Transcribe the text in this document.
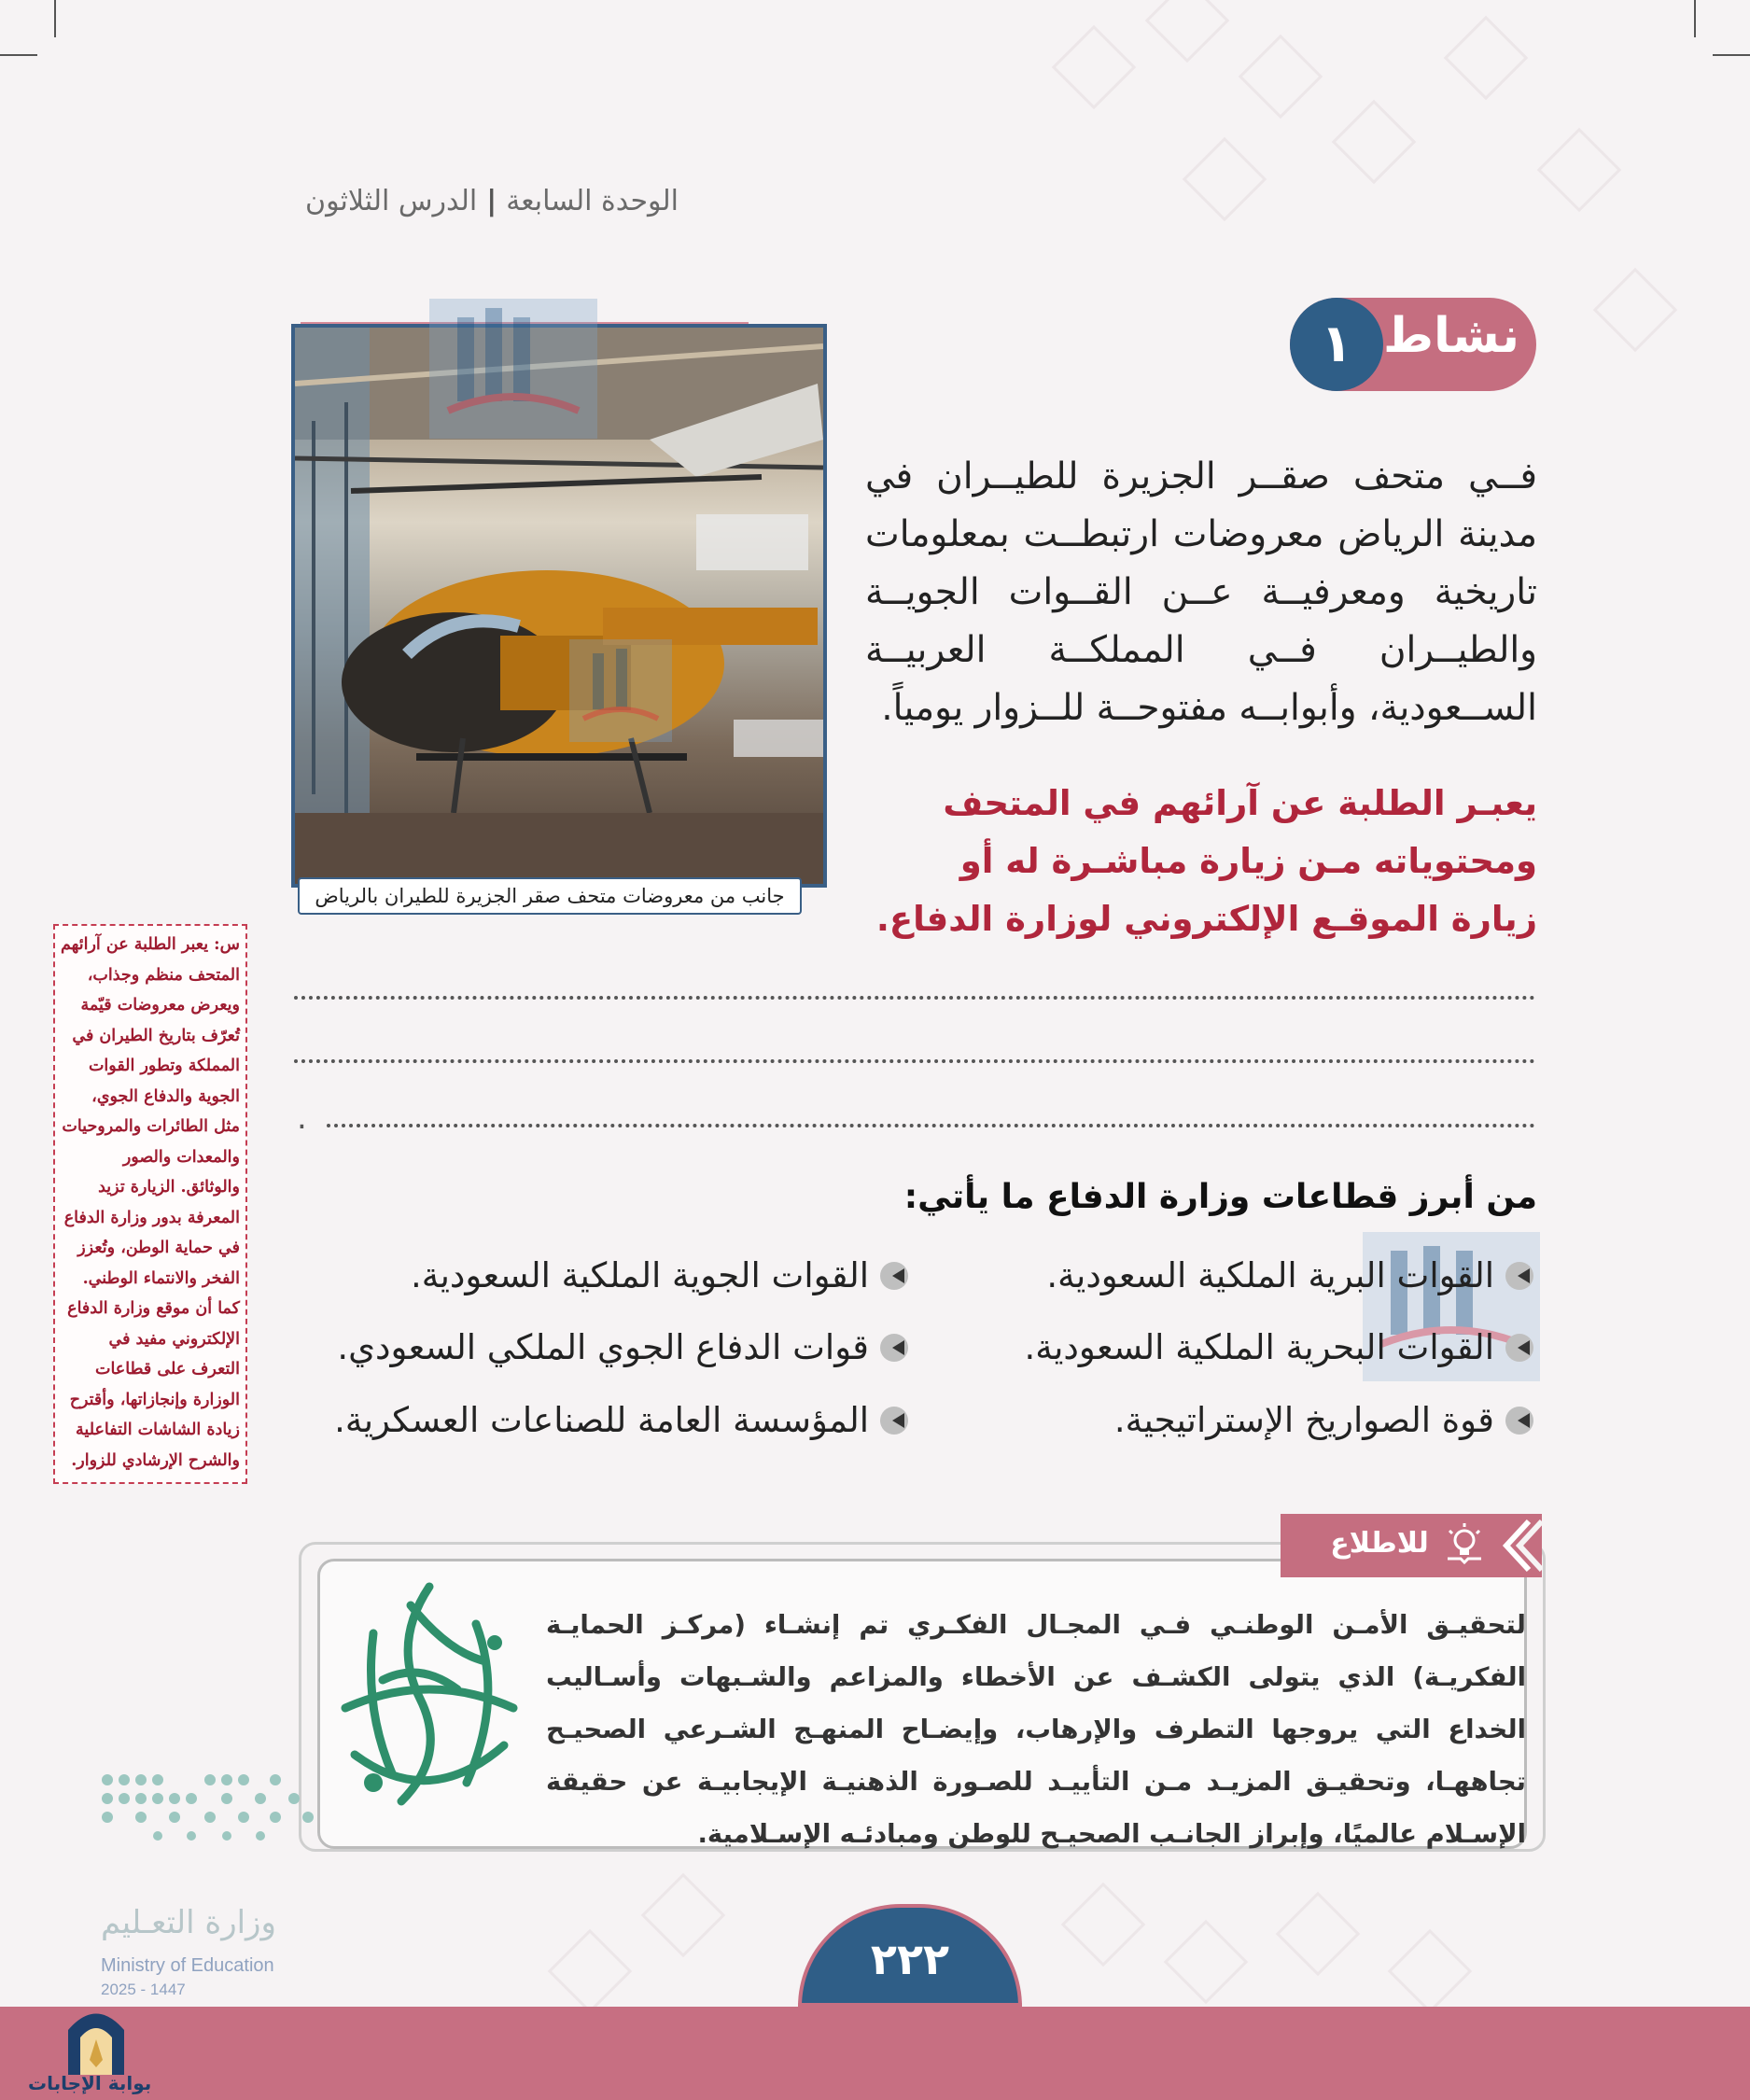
الوحدة السابعة|الدرس الثلاثون
نشاط
١
جانب من معروضات متحف صقر الجزيرة للطيران بالرياض
فــي متحف صقــر الجزيرة للطيــران في مدينة الرياض معروضات ارتبطــت بمعلومات تاريخية ومعرفيــة عــن القــوات الجويــة والطيــران فــي المملكــة العربيــة الســعودية، وأبوابــه مفتوحــة للــزوار يومياً.
يعبـر الطلبة عن آرائهم في المتحف ومحتوياته مـن زيارة مباشـرة له أو زيارة الموقـع الإلكتروني لوزارة الدفاع.
.
س: يعبر الطلبة عن آرائهم المتحف منظم وجذاب، ويعرض معروضات قيّمة تُعرّف بتاريخ الطيران في المملكة وتطور القوات الجوية والدفاع الجوي، مثل الطائرات والمروحيات والمعدات والصور والوثائق. الزيارة تزيد المعرفة بدور وزارة الدفاع في حماية الوطن، وتُعزز الفخر والانتماء الوطني. كما أن موقع وزارة الدفاع الإلكتروني مفيد في التعرف على قطاعات الوزارة وإنجازاتها، وأقترح زيادة الشاشات التفاعلية والشرح الإرشادي للزوار.
من أبرز قطاعات وزارة الدفاع ما يأتي:
القوات البرية الملكية السعودية.
القوات البحرية الملكية السعودية.
قوة الصواريخ الإستراتيجية.
القوات الجوية الملكية السعودية.
قوات الدفاع الجوي الملكي السعودي.
المؤسسة العامة للصناعات العسكرية.
للاطلاع
لتحقيـق الأمـن الوطنـي فـي المجـال الفكـري تم إنشـاء (مركـز الحمايـة الفكريـة) الذي يتولى الكشـف عن الأخطاء والمزاعم والشـبهات وأسـاليب الخداع التي يروجها التطرف والإرهاب، وإيضـاح المنهـج الشـرعي الصحيـح تجاههـا، وتحقيـق المزيـد مـن التأييـد للصـورة الذهنيـة الإيجابيـة عن حقيقة الإسـلام عالميًا، وإبراز الجانـب الصحيـح للوطن ومبادئـه الإسـلامية.
٢٢٢
وزارة التعـليم
Ministry of Education
2025 - 1447
بوابة الإجابات
